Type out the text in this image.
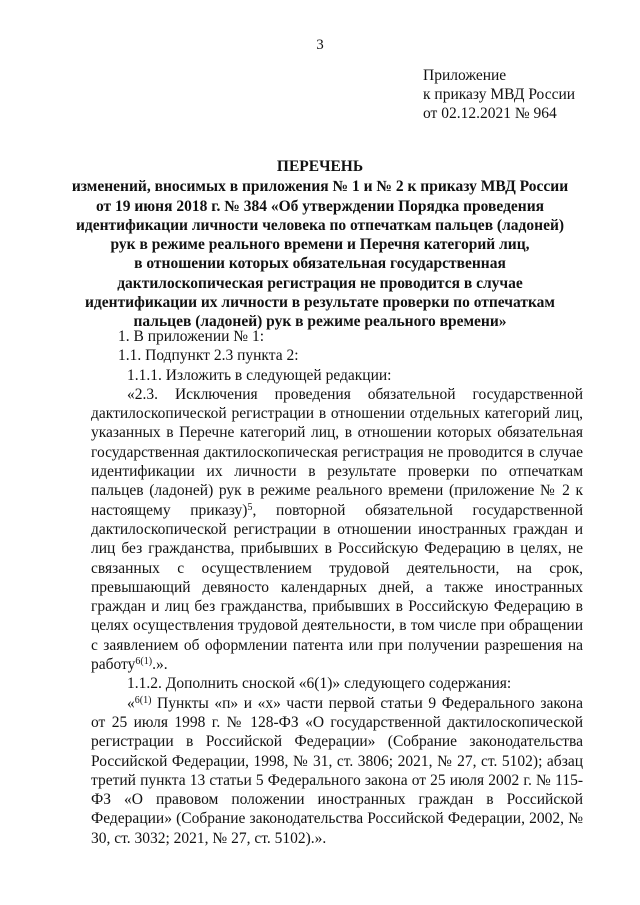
3
Приложение
к приказу МВД России
от 02.12.2021 № 964
ПЕРЕЧЕНЬ
изменений, вносимых в приложения № 1 и № 2 к приказу МВД России
от 19 июня 2018 г. № 384 «Об утверждении Порядка проведения
идентификации личности человека по отпечаткам пальцев (ладоней)
рук в режиме реального времени и Перечня категорий лиц,
в отношении которых обязательная государственная
дактилоскопическая регистрация не проводится в случае
идентификации их личности в результате проверки по отпечаткам
пальцев (ладоней) рук в режиме реального времени»

1. В приложении № 1:

1.1. Подпункт 2.3 пункта 2:

1.1.1. Изложить в следующей редакции:

«2.3. Исключения проведения обязательной государственной дактилоскопической регистрации в отношении отдельных категорий лиц, указанных в Перечне категорий лиц, в отношении которых обязательная государственная дактилоскопическая регистрация не проводится в случае идентификации их личности в результате проверки по отпечаткам пальцев (ладоней) рук в режиме реального времени (приложение № 2 к настоящему приказу)$^5$, повторной обязательной государственной дактилоскопической регистрации в отношении иностранных граждан и лиц без гражданства, прибывших в Российскую Федерацию в целях, не связанных с осуществлением трудовой деятельности, на срок, превышающий девяносто календарных дней, а также иностранных граждан и лиц без гражданства, прибывших в Российскую Федерацию в целях осуществления трудовой деятельности, в том числе при обращении с заявлением об оформлении патента или при получении разрешения на работу$^{6(1)}$.».

1.1.2. Дополнить сноской «6(1)» следующего содержания:

«$^{6(1)}$ Пункты «п» и «х» части первой статьи 9 Федерального закона от 25 июля 1998 г. № 128-ФЗ «О государственной дактилоскопической регистрации в Российской Федерации» (Собрание законодательства Российской Федерации, 1998, № 31, ст. 3806; 2021, № 27, ст. 5102); абзац третий пункта 13 статьи 5 Федерального закона от 25 июля 2002 г. № 115-ФЗ «О правовом положении иностранных граждан в Российской Федерации» (Собрание законодательства Российской Федерации, 2002, № 30, ст. 3032; 2021, № 27, ст. 5102).».
